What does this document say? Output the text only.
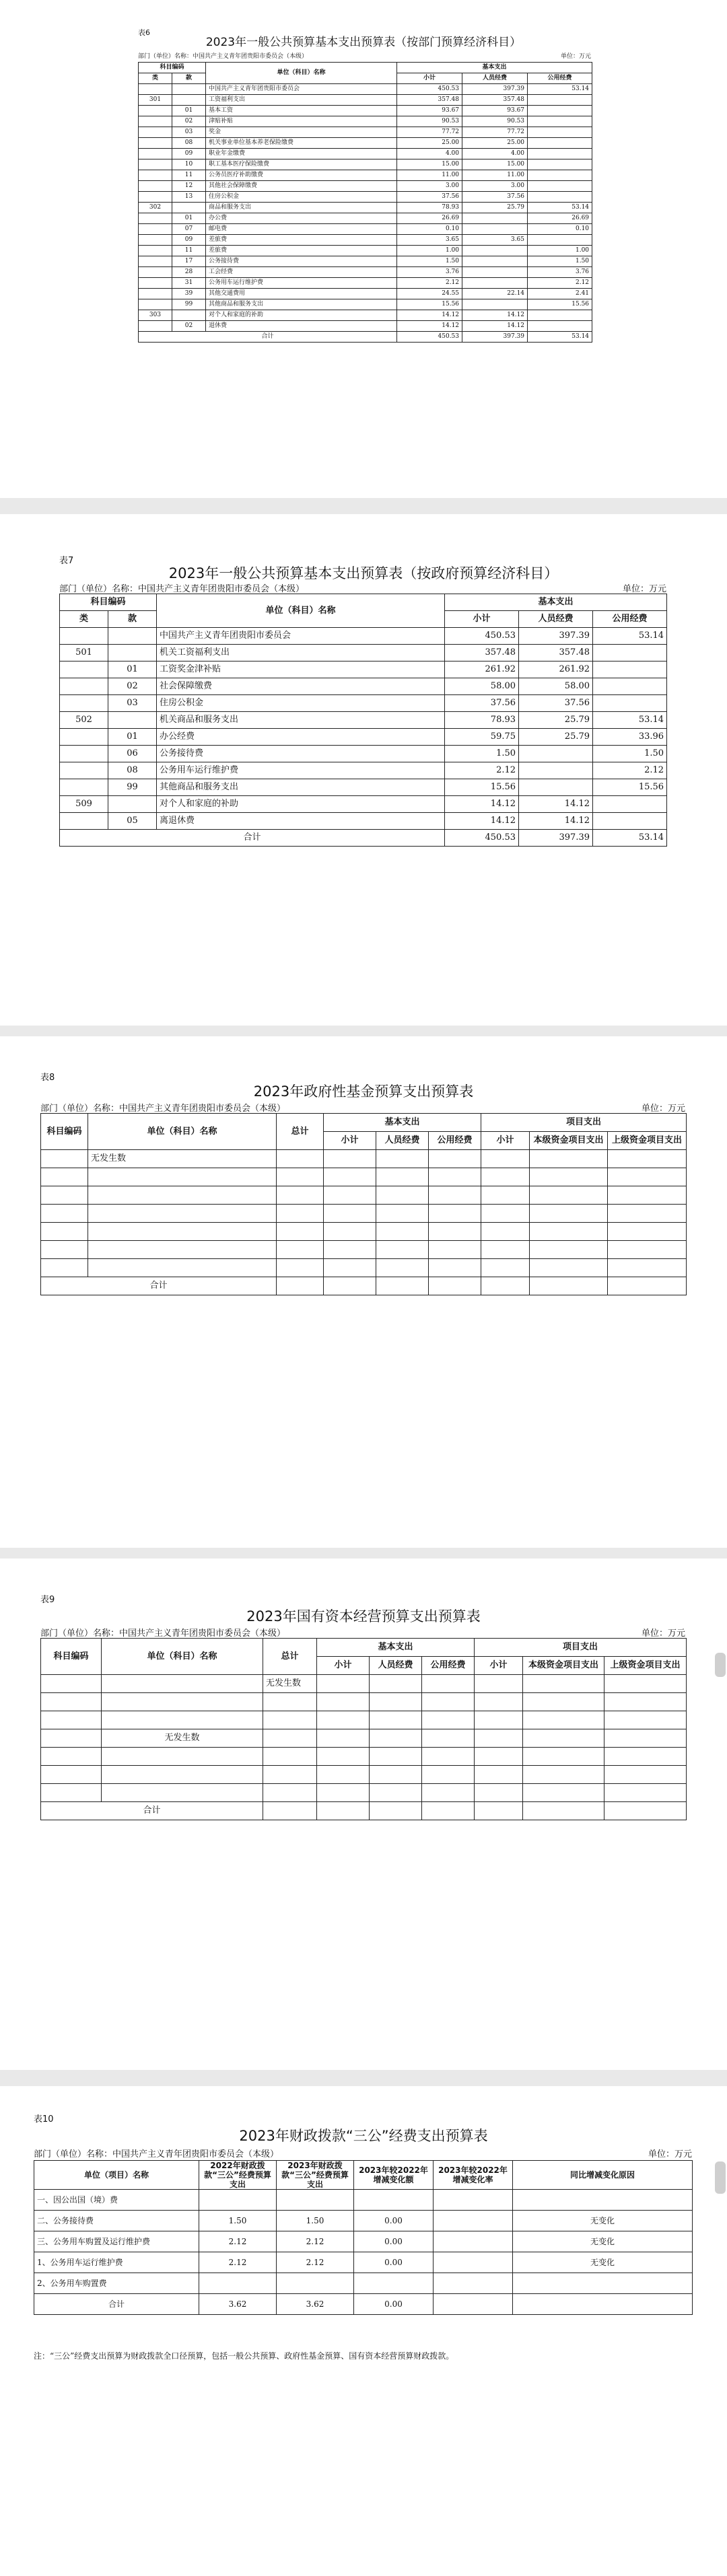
表6
2023年一般公共预算基本支出预算表（按部门预算经济科目）
部门（单位）名称：中国共产主义青年团贵阳市委员会（本级）	单位：万元
科目编码		单位（科目）名称	基本支出		
类	款		小计	人员经费	公用经费
		中国共产主义青年团贵阳市委员会	450.53	397.39	53.14
301		工资福利支出	357.48	357.48	
	01	基本工资	93.67	93.67	
	02	津贴补贴	90.53	90.53	
	03	奖金	77.72	77.72	
	08	机关事业单位基本养老保险缴费	25.00	25.00	
	09	职业年金缴费	4.00	4.00	
	10	职工基本医疗保险缴费	15.00	15.00	
	11	公务员医疗补助缴费	11.00	11.00	
	12	其他社会保障缴费	3.00	3.00	
	13	住房公积金	37.56	37.56	
302		商品和服务支出	78.93	25.79	53.14
	01	办公费	26.69		26.69
	07	邮电费	0.10		0.10
	09	差旅费	3.65	3.65	
	11	差旅费	1.00		1.00
	17	公务接待费	1.50		1.50
	28	工会经费	3.76		3.76
	31	公务用车运行维护费	2.12		2.12
	39	其他交通费用	24.55	22.14	2.41
	99	其他商品和服务支出	15.56		15.56
303		对个人和家庭的补助	14.12	14.12	
	02	退休费	14.12	14.12	
合计			450.53	397.39	53.14
表7
2023年一般公共预算基本支出预算表（按政府预算经济科目）
部门（单位）名称：中国共产主义青年团贵阳市委员会（本级）	单位：万元
科目编码		单位（科目）名称	基本支出		
类	款		小计	人员经费	公用经费
		中国共产主义青年团贵阳市委员会	450.53	397.39	53.14
501		机关工资福利支出	357.48	357.48	
	01	工资奖金津补贴	261.92	261.92	
	02	社会保障缴费	58.00	58.00	
	03	住房公积金	37.56	37.56	
502		机关商品和服务支出	78.93	25.79	53.14
	01	办公经费	59.75	25.79	33.96
	06	公务接待费	1.50		1.50
	08	公务用车运行维护费	2.12		2.12
	99	其他商品和服务支出	15.56		15.56
509		对个人和家庭的补助	14.12	14.12	
	05	离退休费	14.12	14.12	
合计			450.53	397.39	53.14
表8
2023年政府性基金预算支出预算表
部门（单位）名称：中国共产主义青年团贵阳市委员会（本级）	单位：万元
科目编码	单位（科目）名称	总计	基本支出			项目支出		
			小计	人员经费	公用经费	小计	本级资金项目支出	上级资金项目支出
	无发生数							

合计								
表9
2023年国有资本经营预算支出预算表
部门（单位）名称：中国共产主义青年团贵阳市委员会（本级）	单位：万元
科目编码	单位（科目）名称	总计	基本支出			项目支出		
			小计	人员经费	公用经费	小计	本级资金项目支出	上级资金项目支出
		无发生数						

	无发生数							

合计								
表10
2023年财政拨款“三公”经费支出预算表
部门（单位）名称：中国共产主义青年团贵阳市委员会（本级）	单位：万元
单位（项目）名称	2022年财政拨款“三公”经费预算支出	2023年财政拨款“三公”经费预算支出	2023年较2022年增减变化额	2023年较2022年增减变化率	同比增减变化原因
一、因公出国（境）费					
二、公务接待费	1.50	1.50	0.00		无变化
三、公务用车购置及运行维护费	2.12	2.12	0.00		无变化
1、公务用车运行维护费	2.12	2.12	0.00		无变化
2、公务用车购置费					
合计	3.62	3.62	0.00		
注：“三公”经费支出预算为财政拨款全口径预算，包括一般公共预算、政府性基金预算、国有资本经营预算财政拨款。
